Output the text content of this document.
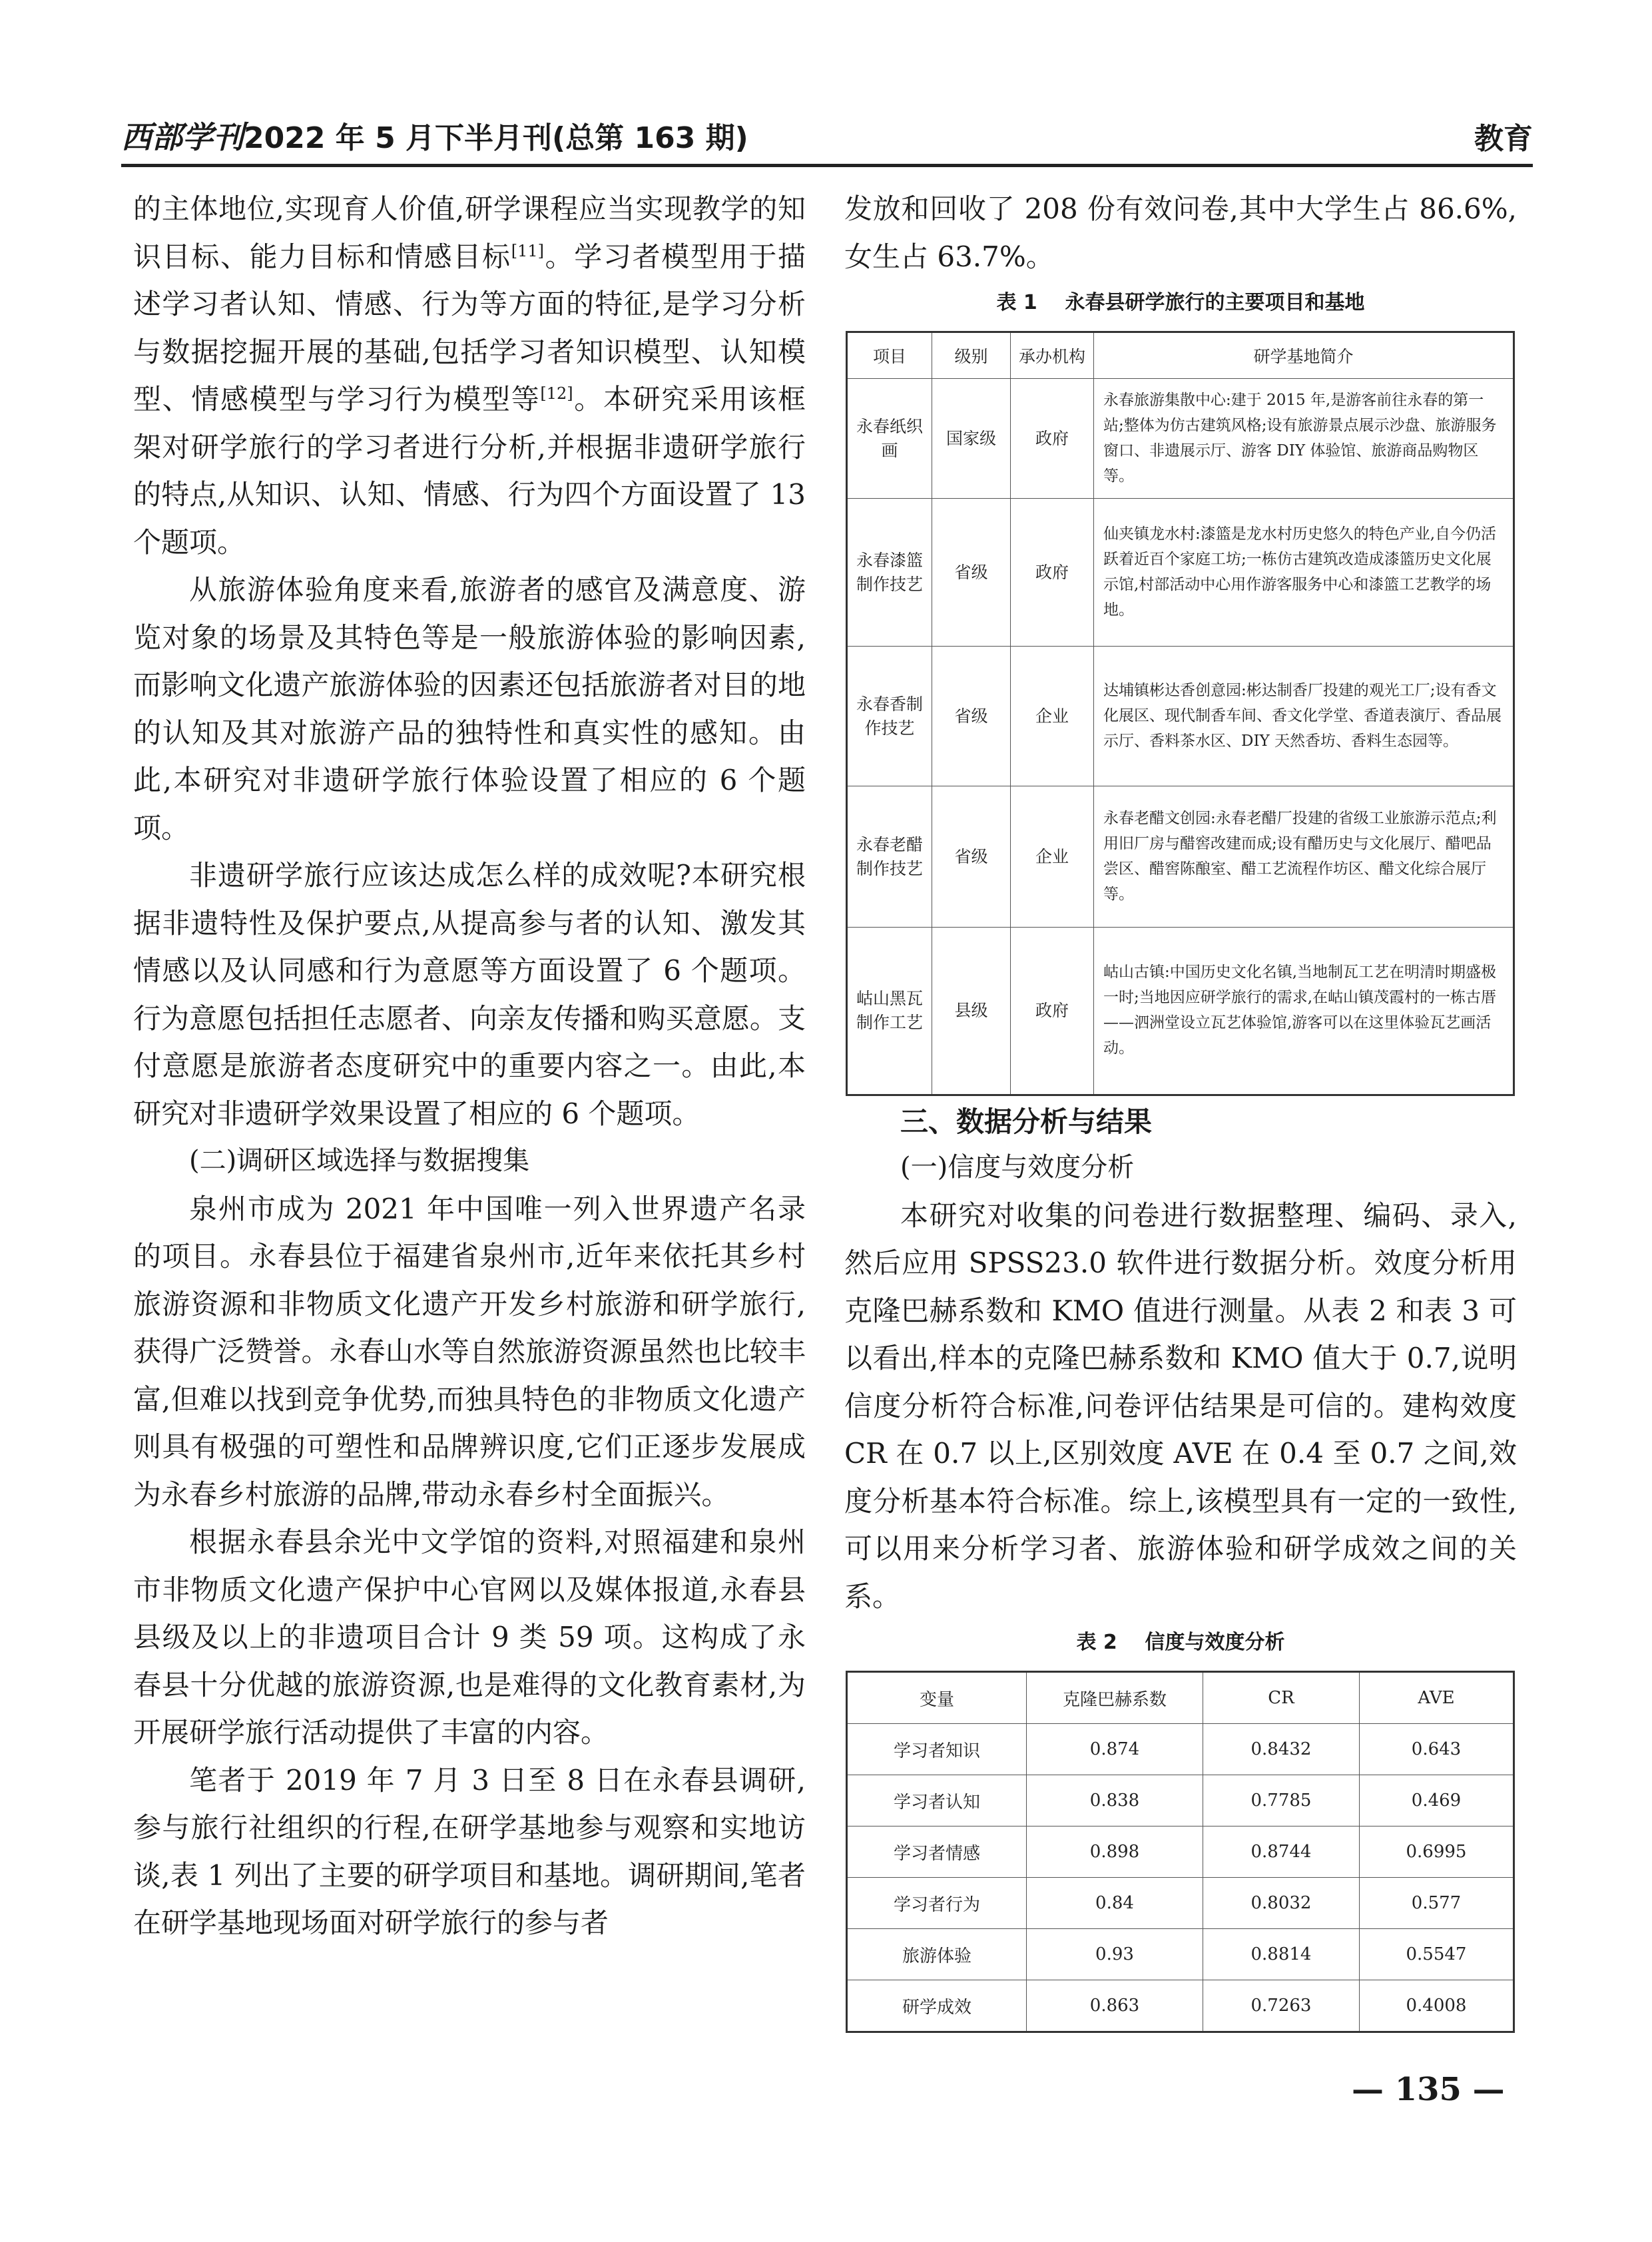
西部学刊2022 年 5 月下半月刊(总第 163 期)	教育

的主体地位,实现育人价值,研学课程应当实现教学的知识目标、能力目标和情感目标[11]。学习者模型用于描述学习者认知、情感、行为等方面的特征,是学习分析与数据挖掘开展的基础,包括学习者知识模型、认知模型、情感模型与学习行为模型等[12]。本研究采用该框架对研学旅行的学习者进行分析,并根据非遗研学旅行的特点,从知识、认知、情感、行为四个方面设置了 13 个题项。

从旅游体验角度来看,旅游者的感官及满意度、游览对象的场景及其特色等是一般旅游体验的影响因素,而影响文化遗产旅游体验的因素还包括旅游者对目的地的认知及其对旅游产品的独特性和真实性的感知。由此,本研究对非遗研学旅行体验设置了相应的 6 个题项。

非遗研学旅行应该达成怎么样的成效呢?本研究根据非遗特性及保护要点,从提高参与者的认知、激发其情感以及认同感和行为意愿等方面设置了 6 个题项。行为意愿包括担任志愿者、向亲友传播和购买意愿。支付意愿是旅游者态度研究中的重要内容之一。由此,本研究对非遗研学效果设置了相应的 6 个题项。

(二)调研区域选择与数据搜集

泉州市成为 2021 年中国唯一列入世界遗产名录的项目。永春县位于福建省泉州市,近年来依托其乡村旅游资源和非物质文化遗产开发乡村旅游和研学旅行,获得广泛赞誉。永春山水等自然旅游资源虽然也比较丰富,但难以找到竞争优势,而独具特色的非物质文化遗产则具有极强的可塑性和品牌辨识度,它们正逐步发展成为永春乡村旅游的品牌,带动永春乡村全面振兴。

根据永春县余光中文学馆的资料,对照福建和泉州市非物质文化遗产保护中心官网以及媒体报道,永春县县级及以上的非遗项目合计 9 类 59 项。这构成了永春县十分优越的旅游资源,也是难得的文化教育素材,为开展研学旅行活动提供了丰富的内容。

笔者于 2019 年 7 月 3 日至 8 日在永春县调研,参与旅行社组织的行程,在研学基地参与观察和实地访谈,表 1 列出了主要的研学项目和基地。调研期间,笔者在研学基地现场面对研学旅行的参与者

发放和回收了 208 份有效问卷,其中大学生占 86.6%,女生占 63.7%。

表 1    永春县研学旅行的主要项目和基地
项目	级别	承办机构	研学基地简介
永春纸织画	国家级	政府	永春旅游集散中心:建于 2015 年,是游客前往永春的第一站;整体为仿古建筑风格;设有旅游景点展示沙盘、旅游服务窗口、非遗展示厅、游客 DIY 体验馆、旅游商品购物区等。
永春漆篮制作技艺	省级	政府	仙夹镇龙水村:漆篮是龙水村历史悠久的特色产业,自今仍活跃着近百个家庭工坊;一栋仿古建筑改造成漆篮历史文化展示馆,村部活动中心用作游客服务中心和漆篮工艺教学的场地。
永春香制作技艺	省级	企业	达埔镇彬达香创意园:彬达制香厂投建的观光工厂;设有香文化展区、现代制香车间、香文化学堂、香道表演厅、香品展示厅、香料茶水区、DIY 天然香坊、香料生态园等。
永春老醋制作技艺	省级	企业	永春老醋文创园:永春老醋厂投建的省级工业旅游示范点;利用旧厂房与醋窖改建而成;设有醋历史与文化展厅、醋吧品尝区、醋窖陈酿室、醋工艺流程作坊区、醋文化综合展厅等。
岵山黑瓦制作工艺	县级	政府	岵山古镇:中国历史文化名镇,当地制瓦工艺在明清时期盛极一时;当地因应研学旅行的需求,在岵山镇茂霞村的一栋古厝——泗洲堂设立瓦艺体验馆,游客可以在这里体验瓦艺画活动。

三、数据分析与结果

(一)信度与效度分析

本研究对收集的问卷进行数据整理、编码、录入,然后应用 SPSS23.0 软件进行数据分析。效度分析用克隆巴赫系数和 KMO 值进行测量。从表 2 和表 3 可以看出,样本的克隆巴赫系数和 KMO 值大于 0.7,说明信度分析符合标准,问卷评估结果是可信的。建构效度 CR 在 0.7 以上,区别效度 AVE 在 0.4 至 0.7 之间,效度分析基本符合标准。综上,该模型具有一定的一致性,可以用来分析学习者、旅游体验和研学成效之间的关系。

表 2    信度与效度分析
变量	克隆巴赫系数	CR	AVE
学习者知识	0.874	0.8432	0.643
学习者认知	0.838	0.7785	0.469
学习者情感	0.898	0.8744	0.6995
学习者行为	0.84	0.8032	0.577
旅游体验	0.93	0.8814	0.5547
研学成效	0.863	0.7263	0.4008
— 135 —
